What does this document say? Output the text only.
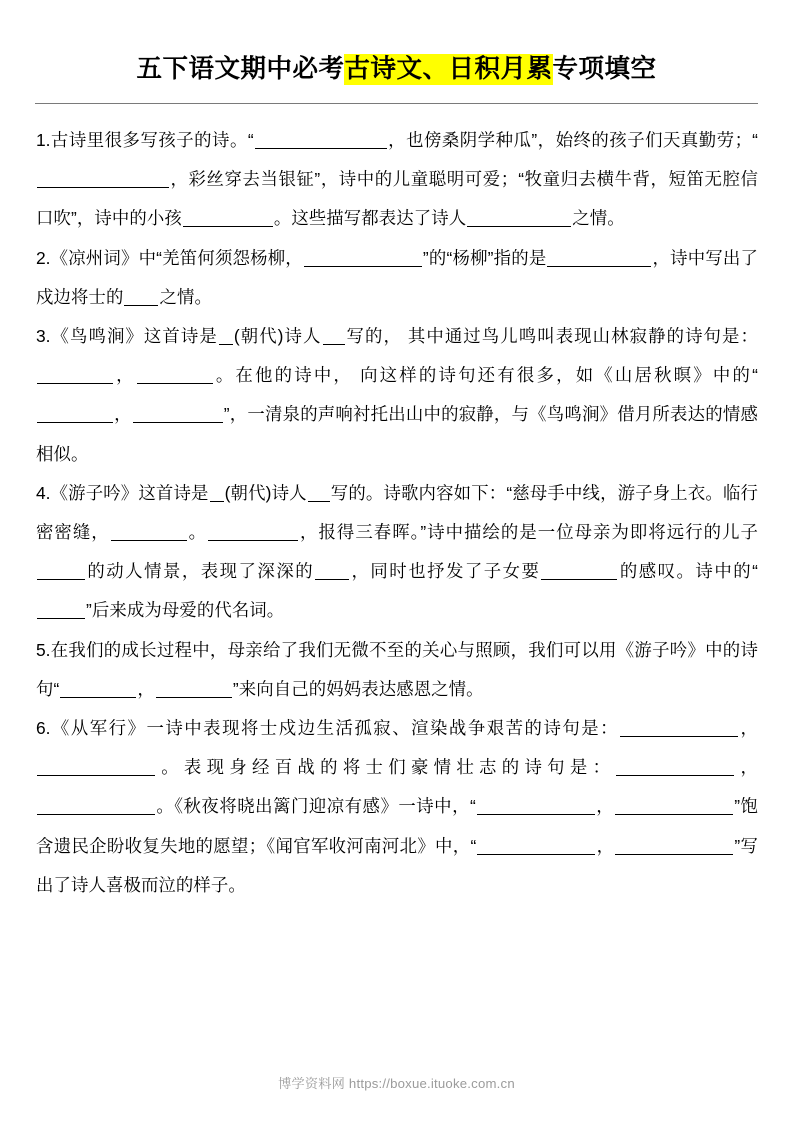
五下语文期中必考古诗文、日积月累专项填空

1.古诗里很多写孩子的诗。“	，也傍桑阴学种瓜”，始终的孩子们天真勤劳；“，彩丝穿去当银钲”，诗中的儿童聪明可爱；“牧童归去横牛背，短笛无腔信口吹”，诗中的小孩	。这些描写都表达了诗人	之情。

2.《凉州词》中“羌笛何须怨杨柳，	”的“杨柳”指的是	，诗中写出了戍边将士的 之情。

3.《鸟鸣涧》这首诗是 (朝代)诗人 写的， 其中通过鸟儿鸣叫表现山林寂静的诗句是：，	。在他的诗中， 向这样的诗句还有很多，如《山居秋暝》中的“，	”，一清泉的声响衬托出山中的寂静，与《鸟鸣涧》借月所表达的情感相似。

4.《游子吟》这首诗是 (朝代)诗人 写的。诗歌内容如下：“慈母手中线，游子身上衣。临行密密缝，	。	，报得三春晖。”诗中描绘的是一位母亲为即将远行的儿子的动人情景，表现了深深的 ，同时也抒发了子女要	的感叹。诗中的“”后来成为母爱的代名词。

5.在我们的成长过程中，母亲给了我们无微不至的关心与照顾，我们可以用《游子吟》中的诗句“	，	”来向自己的妈妈表达感恩之情。

6.《从军行》一诗中表现将士戍边生活孤寂、渲染战争艰苦的诗句是：	，。表现身经百战的将士们豪情壮志的诗句是：	，。《秋夜将晓出篱门迎凉有感》一诗中，“	，	”饱含遗民企盼收复失地的愿望；《闻官军收河南河北》中，“	，	”写出了诗人喜极而泣的样子。

博学资料网 https://boxue.ituoke.com.cn
